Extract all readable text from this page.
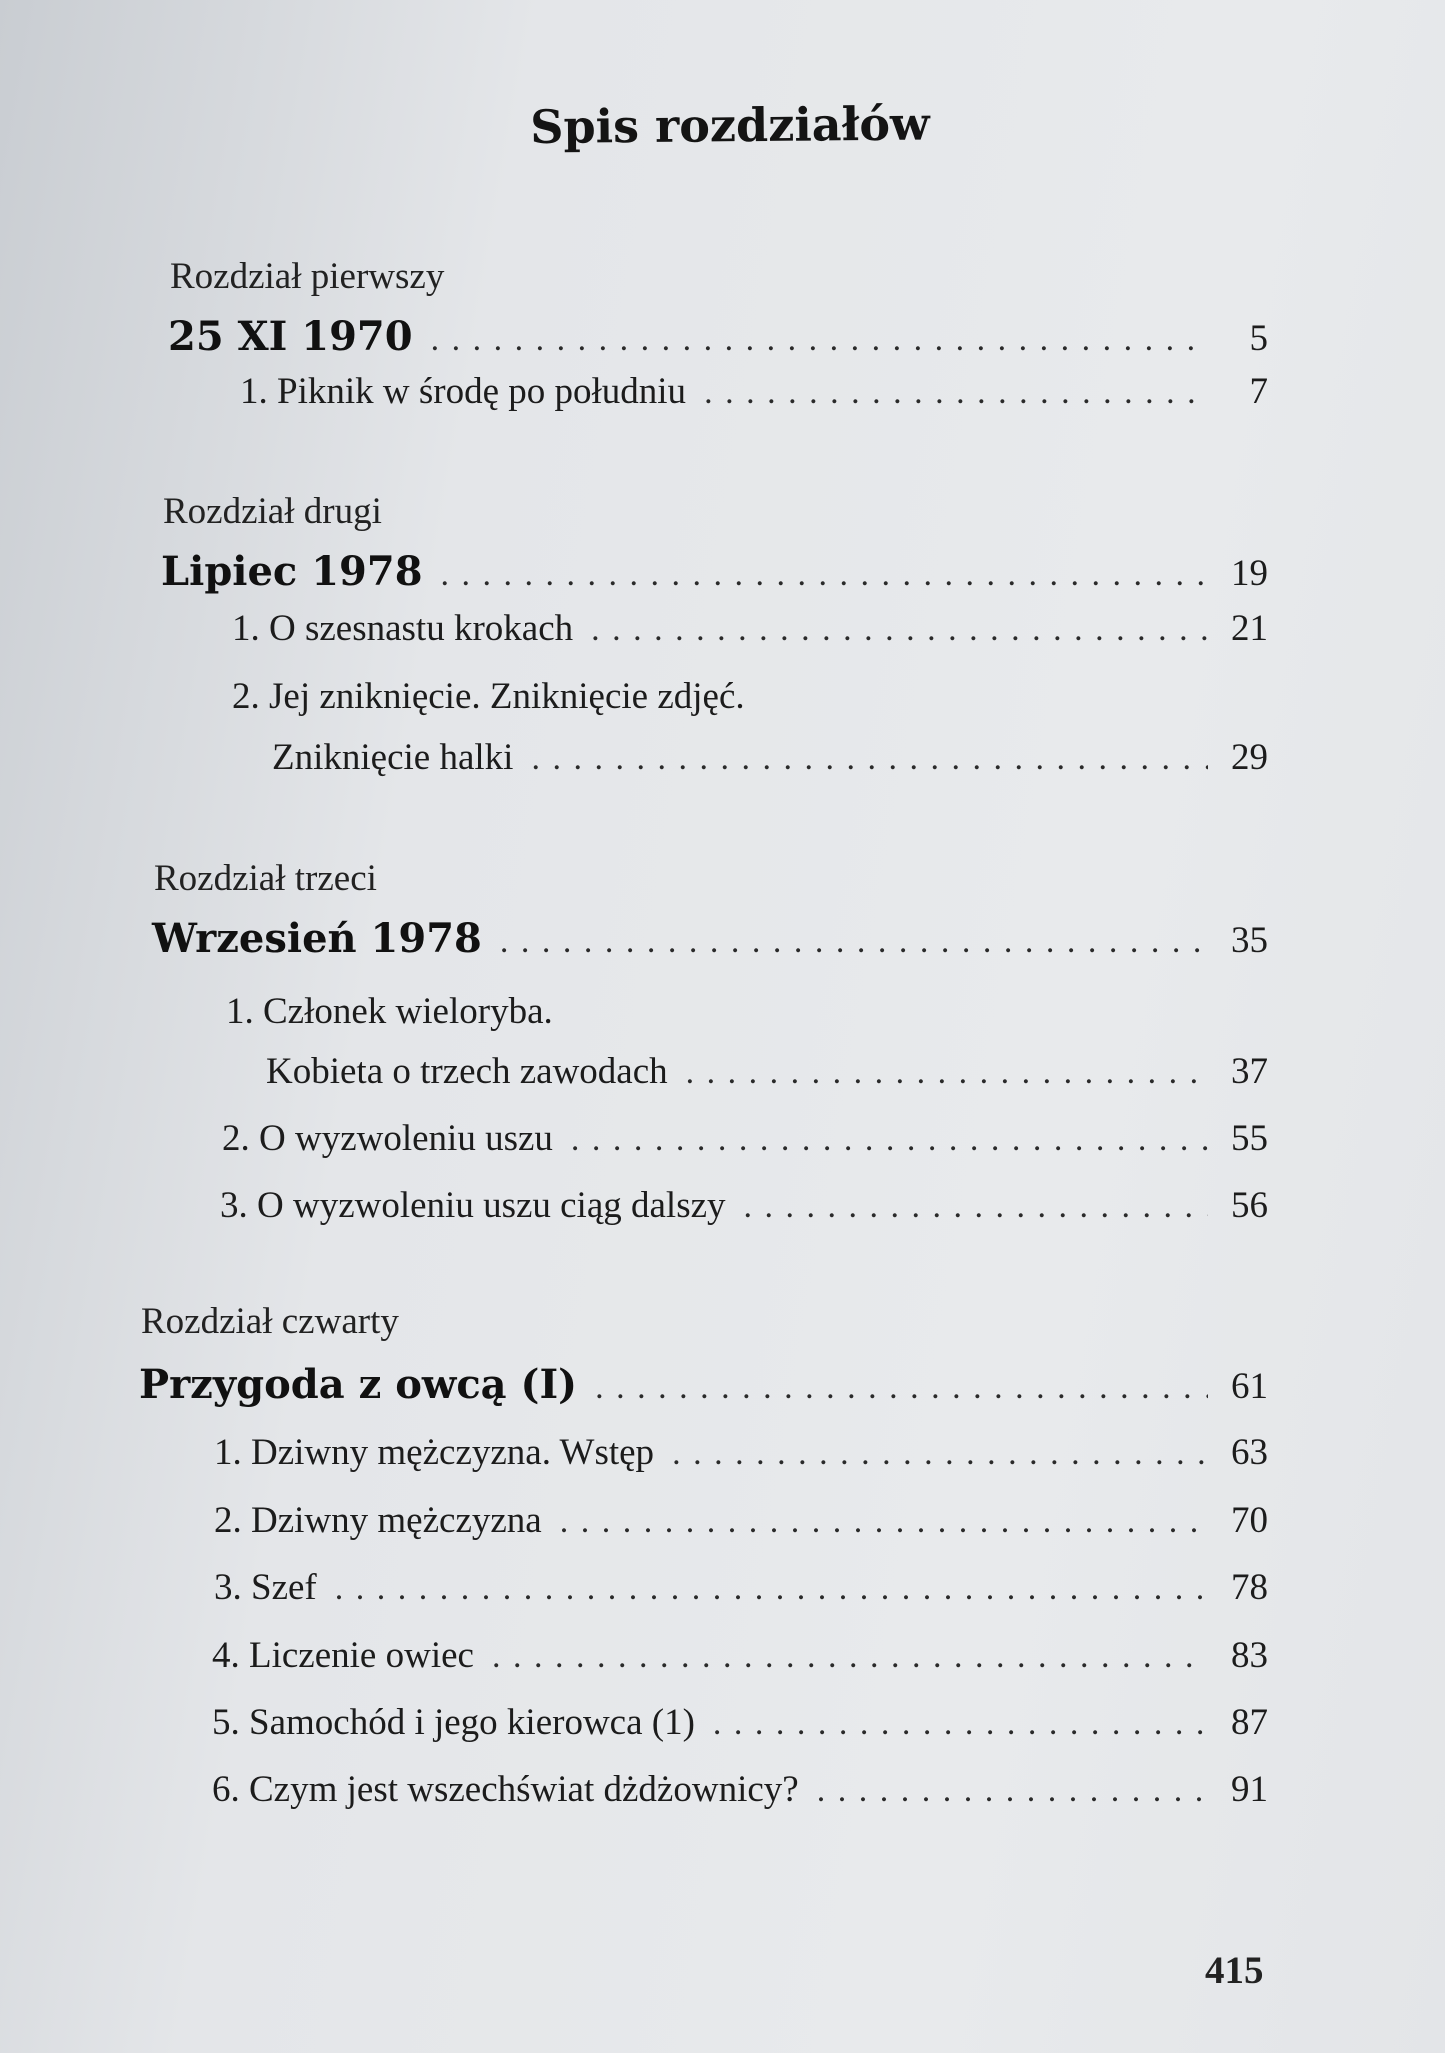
Spis rozdziałów
Rozdział pierwszy
25 XI 1970 . . .	5
1. Piknik w środę po południu . . .	7
Rozdział drugi
Lipiec 1978 . . .	19
1. O szesnastu krokach . . .	21
2. Jej zniknięcie. Zniknięcie zdjęć.
Zniknięcie halki . . .	29
Rozdział trzeci
Wrzesień 1978 . . .	35
1. Członek wieloryba.
Kobieta o trzech zawodach . . .	37
2. O wyzwoleniu uszu . . .	55
3. O wyzwoleniu uszu ciąg dalszy . . .	56
Rozdział czwarty
Przygoda z owcą (I) . . .	61
1. Dziwny mężczyzna. Wstęp . . .	63
2. Dziwny mężczyzna . . .	70
3. Szef . . .	78
4. Liczenie owiec . . .	83
5. Samochód i jego kierowca (1) . . .	87
6. Czym jest wszechświat dżdżownicy? . . .	91
415
